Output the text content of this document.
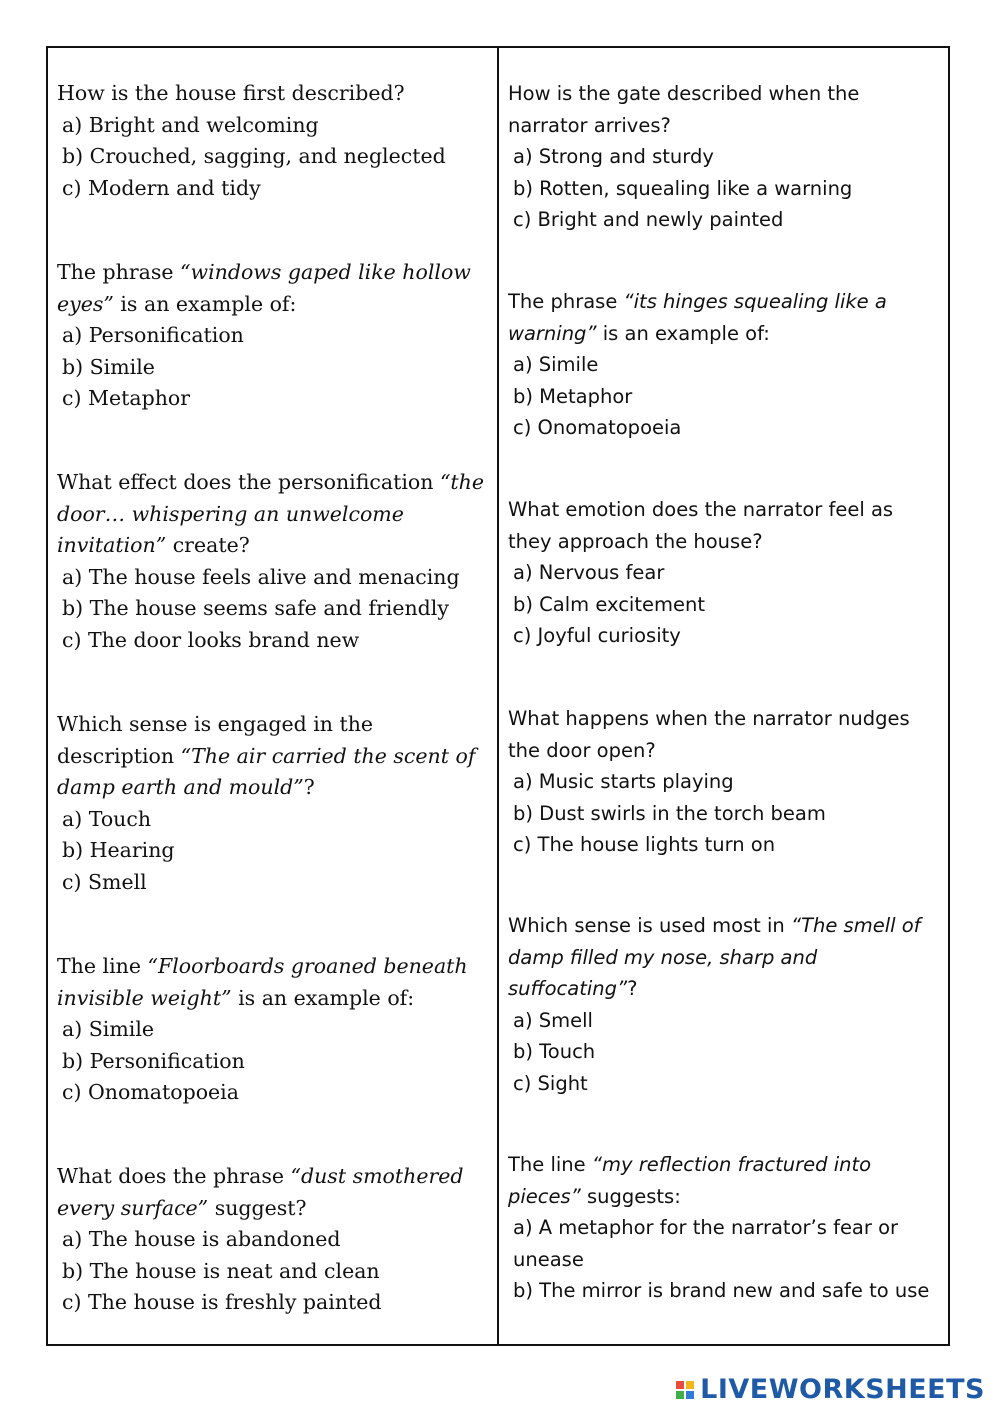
How is the house first described?
a) Bright and welcoming
b) Crouched, sagging, and neglected
c) Modern and tidy
The phrase “windows gaped like hollow eyes” is an example of:
a) Personification
b) Simile
c) Metaphor
What effect does the personification “the door… whispering an unwelcome invitation” create?
a) The house feels alive and menacing
b) The house seems safe and friendly
c) The door looks brand new
Which sense is engaged in the description “The air carried the scent of damp earth and mould”?
a) Touch
b) Hearing
c) Smell
The line “Floorboards groaned beneath invisible weight” is an example of:
a) Simile
b) Personification
c) Onomatopoeia
What does the phrase “dust smothered every surface” suggest?
a) The house is abandoned
b) The house is neat and clean
c) The house is freshly painted
How is the gate described when the narrator arrives?
a) Strong and sturdy
b) Rotten, squealing like a warning
c) Bright and newly painted
The phrase “its hinges squealing like a warning” is an example of:
a) Simile
b) Metaphor
c) Onomatopoeia
What emotion does the narrator feel as they approach the house?
a) Nervous fear
b) Calm excitement
c) Joyful curiosity
What happens when the narrator nudges the door open?
a) Music starts playing
b) Dust swirls in the torch beam
c) The house lights turn on
Which sense is used most in “The smell of damp filled my nose, sharp and suffocating”?
a) Smell
b) Touch
c) Sight
The line “my reflection fractured into pieces” suggests:
a) A metaphor for the narrator’s fear or unease
b) The mirror is brand new and safe to use
LIVEWORKSHEETS
